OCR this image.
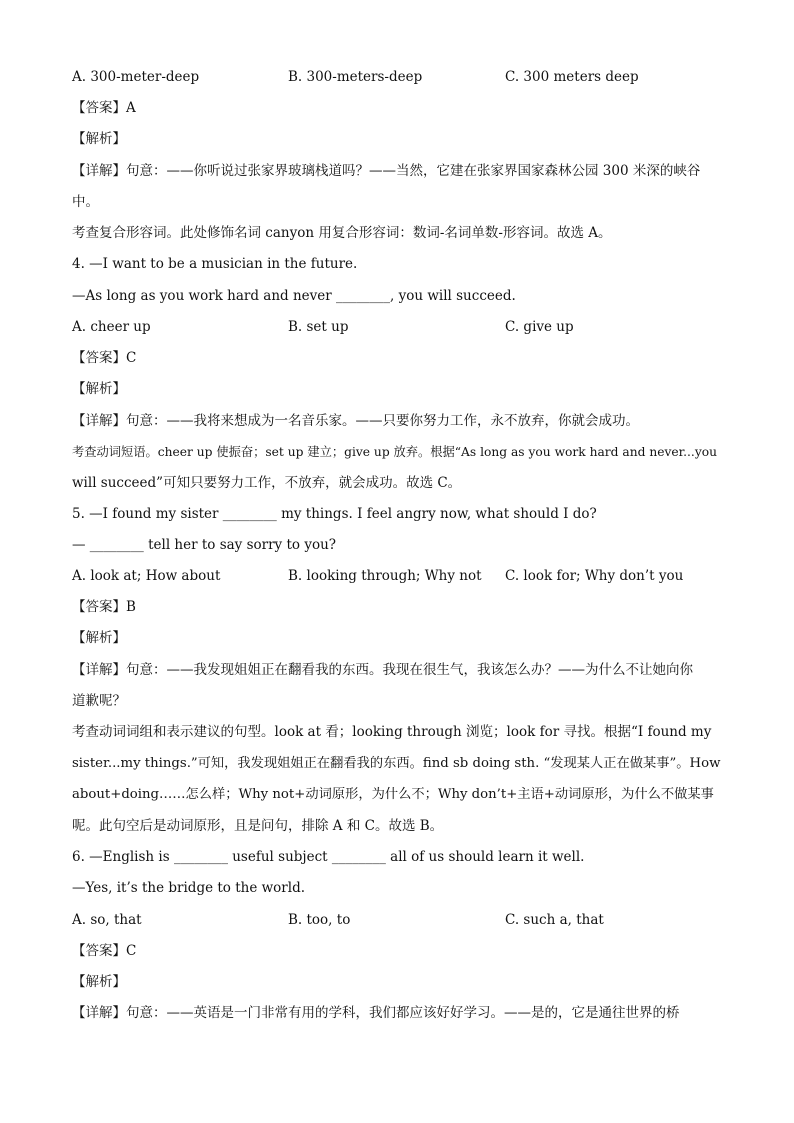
A. 300-meter-deep	B. 300-meters-deep	C. 300 meters deep
【答案】A
【解析】
【详解】句意：——你听说过张家界玻璃栈道吗？——当然，它建在张家界国家森林公园 300 米深的峡谷
中。
考查复合形容词。此处修饰名词 canyon 用复合形容词：数词-名词单数-形容词。故选 A。
4. —I want to be a musician in the future.
—As long as you work hard and never ________, you will succeed.
A. cheer up	B. set up	C. give up
【答案】C
【解析】
【详解】句意：——我将来想成为一名音乐家。——只要你努力工作，永不放弃，你就会成功。
考查动词短语。cheer up 使振奋；set up 建立；give up 放弃。根据“As long as you work hard and never...you
will succeed”可知只要努力工作，不放弃，就会成功。故选 C。
5. —I found my sister ________ my things. I feel angry now, what should I do?
— ________ tell her to say sorry to you?
A. look at; How about	B. looking through; Why not C. look for; Why don’t you
【答案】B
【解析】
【详解】句意：——我发现姐姐正在翻看我的东西。我现在很生气，我该怎么办？——为什么不让她向你
道歉呢？
考查动词词组和表示建议的句型。look at 看；looking through 浏览；look for 寻找。根据“I found my
sister...my things.”可知，我发现姐姐正在翻看我的东西。find sb doing sth. “发现某人正在做某事”。How
about+doing……怎么样；Why not+动词原形，为什么不；Why don’t+主语+动词原形，为什么不做某事
呢。此句空后是动词原形，且是问句，排除 A 和 C。故选 B。
6. —English is ________ useful subject ________ all of us should learn it well.
—Yes, it’s the bridge to the world.
A. so, that	B. too, to	C. such a, that
【答案】C
【解析】
【详解】句意：——英语是一门非常有用的学科，我们都应该好好学习。——是的，它是通往世界的桥
